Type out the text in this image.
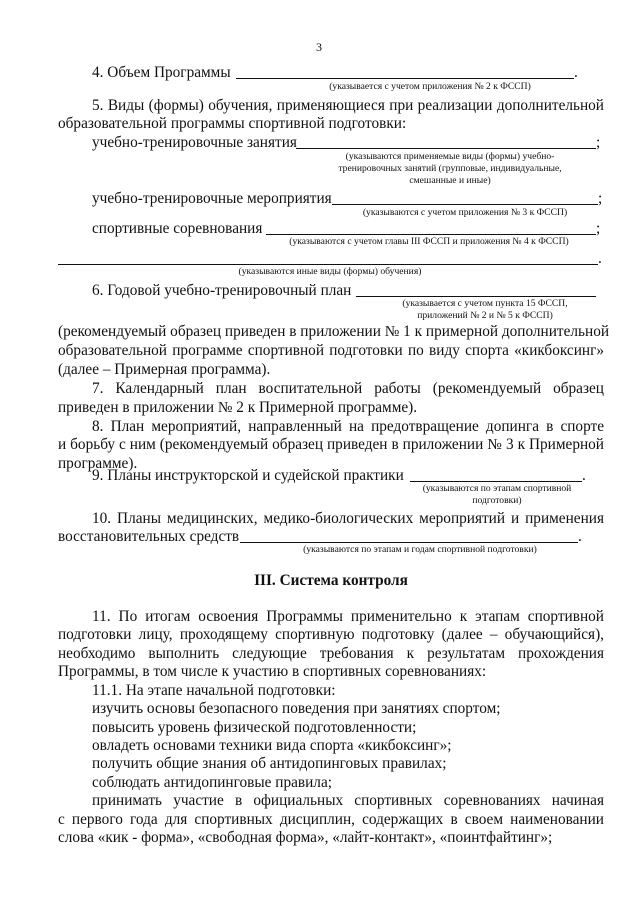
3
4. Объем Программы	.
(указывается с учетом приложения № 2 к ФССП)
5. Виды (формы) обучения, применяющиеся при реализации дополнительной
образовательной программы спортивной подготовки:
учебно-тренировочные занятия	;
(указываются применяемые виды (формы) учебно-
тренировочных занятий (групповые, индивидуальные,
смешанные и иные)
учебно-тренировочные мероприятия	;
(указываются с учетом приложения № 3 к ФССП)
спортивные соревнования	;
(указываются с учетом главы III ФССП и приложения № 4 к ФССП)
.
(указываются иные виды (формы) обучения)
6. Годовой учебно-тренировочный план
(указывается с учетом пункта 15 ФССП,
приложений № 2 и № 5 к ФССП)
(рекомендуемый образец приведен в приложении № 1 к примерной дополнительной
образовательной программе спортивной подготовки по виду спорта «кикбоксинг»
(далее – Примерная программа).
7. Календарный план воспитательной работы (рекомендуемый образец
приведен в приложении № 2 к Примерной программе).
8. План мероприятий, направленный на предотвращение допинга в спорте
и борьбу с ним (рекомендуемый образец приведен в приложении № 3 к Примерной
программе).
9. Планы инструкторской и судейской практики	.
(указываются по этапам спортивной
подготовки)
10. Планы медицинских, медико-биологических мероприятий и применения
восстановительных средств	.
(указываются по этапам и годам спортивной подготовки)
III. Система контроля
11. По итогам освоения Программы применительно к этапам спортивной
подготовки лицу, проходящему спортивную подготовку (далее – обучающийся),
необходимо выполнить следующие требования к результатам прохождения
Программы, в том числе к участию в спортивных соревнованиях:
11.1. На этапе начальной подготовки:
изучить основы безопасного поведения при занятиях спортом;
повысить уровень физической подготовленности;
овладеть основами техники вида спорта «кикбоксинг»;
получить общие знания об антидопинговых правилах;
соблюдать антидопинговые правила;
принимать участие в официальных спортивных соревнованиях начиная
с первого года для спортивных дисциплин, содержащих в своем наименовании
слова «кик - форма», «свободная форма», «лайт-контакт», «поинтфайтинг»;
